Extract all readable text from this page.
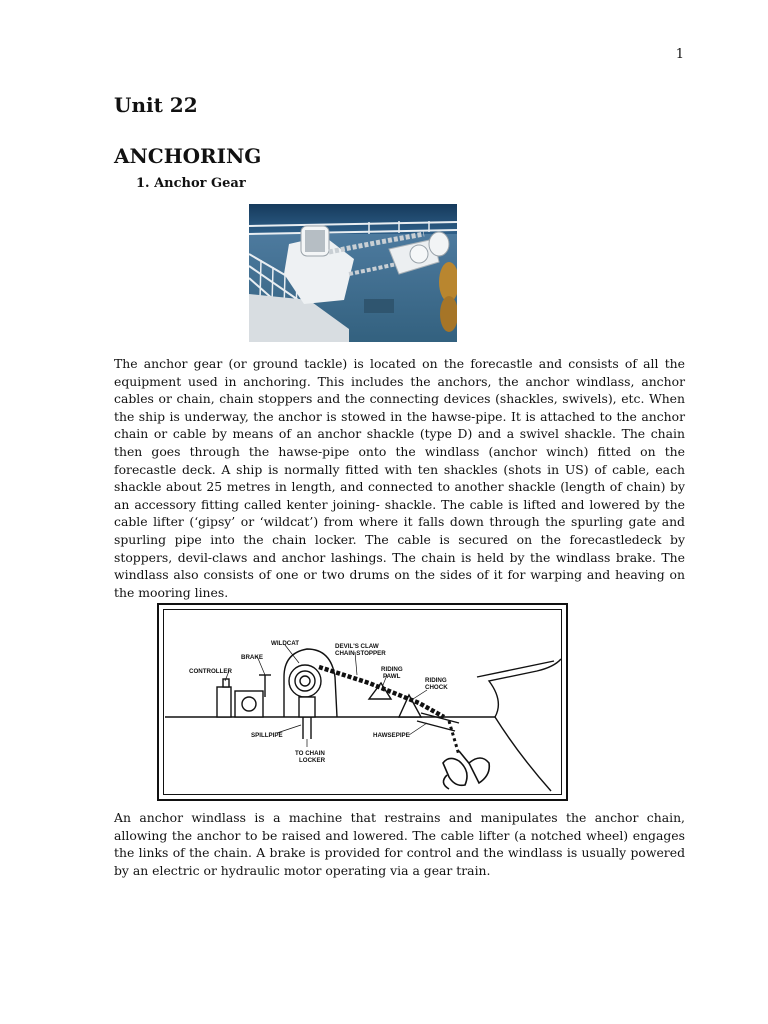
1
Unit 22
ANCHORING
1. Anchor Gear

The anchor gear (or ground tackle) is located on the forecastle and consists of all the equipment used in anchoring. This includes the anchors, the anchor windlass, anchor cables or chain, chain stoppers and the connecting devices (shackles, swivels), etc. When the ship is underway, the anchor is stowed in the hawse-pipe. It is attached to the anchor chain or cable by means of an anchor shackle (type D) and a swivel shackle. The chain then goes through the hawse-pipe onto the windlass (anchor winch) fitted on the forecastle deck. A ship is normally fitted with ten shackles (shots in US) of cable, each shackle about 25 metres in length, and connected to another shackle (length of chain) by an accessory fitting called kenter joining- shackle. The cable is lifted and lowered by the cable lifter (‘gipsy’ or ‘wildcat’) from where it falls down through the spurling gate and spurling pipe into the chain locker. The cable is secured on the forecastledeck by stoppers, devil-claws and anchor lashings. The chain is held by the windlass brake. The windlass also consists of one or two drums on the sides of it for warping and heaving on the mooring lines.

WILDCAT	DEVIL'S CLAW
CHAIN STOPPER
BRAKE
RIDING
PAWL
RIDING
CHOCK
CONTROLLER
SPILLPIPE	HAWSEPIPE
TO CHAIN
LOCKER

An anchor windlass is a machine that restrains and manipulates the anchor chain, allowing the anchor to be raised and lowered. The cable lifter (a notched wheel) engages the links of the chain. A brake is provided for control and the windlass is usually powered by an electric or hydraulic motor operating via a gear train.
